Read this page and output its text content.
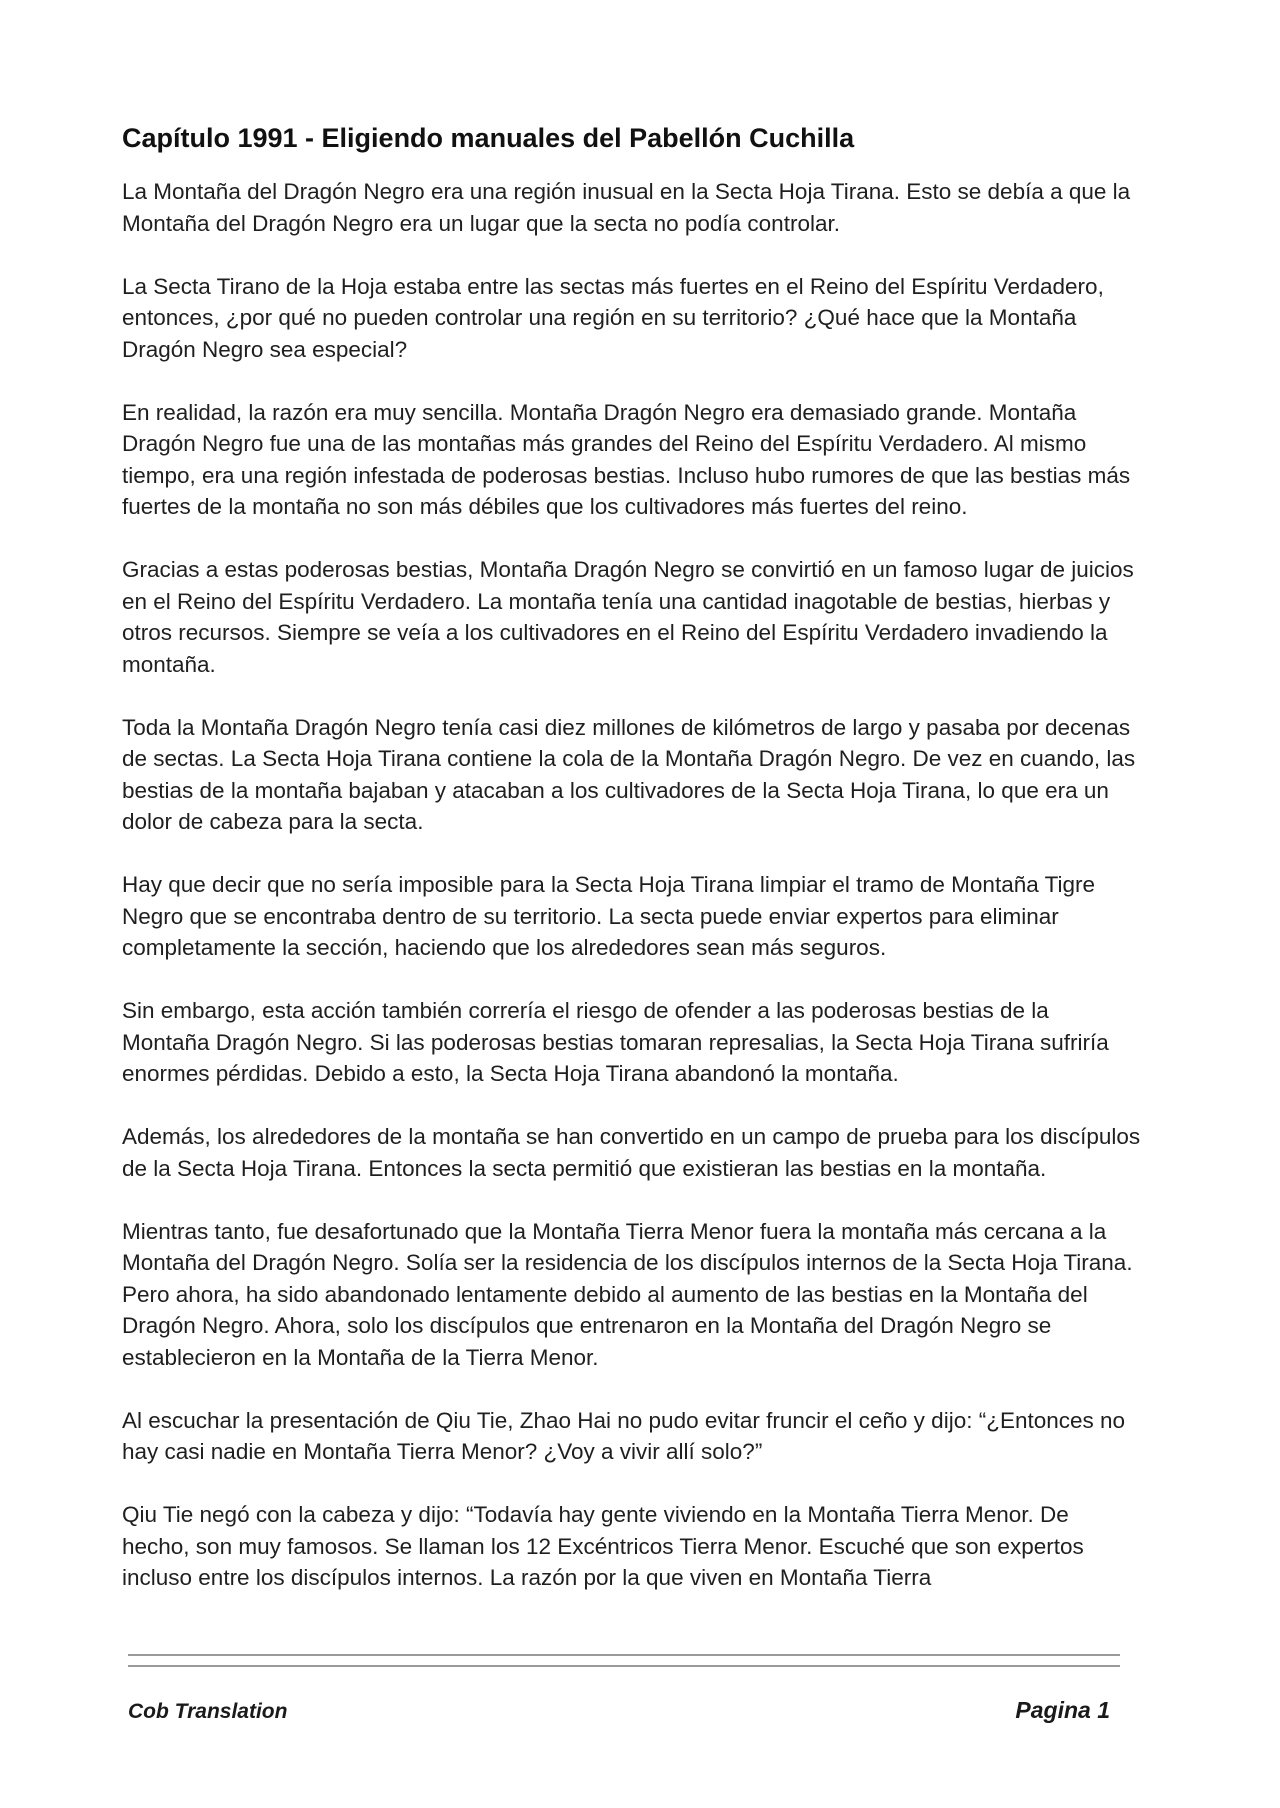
Capítulo 1991 - Eligiendo manuales del Pabellón Cuchilla

La Montaña del Dragón Negro era una región inusual en la Secta Hoja Tirana. Esto se debía a que la Montaña del Dragón Negro era un lugar que la secta no podía controlar.

La Secta Tirano de la Hoja estaba entre las sectas más fuertes en el Reino del Espíritu Verdadero, entonces, ¿por qué no pueden controlar una región en su territorio? ¿Qué hace que la Montaña Dragón Negro sea especial?

En realidad, la razón era muy sencilla. Montaña Dragón Negro era demasiado grande. Montaña Dragón Negro fue una de las montañas más grandes del Reino del Espíritu Verdadero. Al mismo tiempo, era una región infestada de poderosas bestias. Incluso hubo rumores de que las bestias más fuertes de la montaña no son más débiles que los cultivadores más fuertes del reino.

Gracias a estas poderosas bestias, Montaña Dragón Negro se convirtió en un famoso lugar de juicios en el Reino del Espíritu Verdadero. La montaña tenía una cantidad inagotable de bestias, hierbas y otros recursos. Siempre se veía a los cultivadores en el Reino del Espíritu Verdadero invadiendo la montaña.

Toda la Montaña Dragón Negro tenía casi diez millones de kilómetros de largo y pasaba por decenas de sectas. La Secta Hoja Tirana contiene la cola de la Montaña Dragón Negro. De vez en cuando, las bestias de la montaña bajaban y atacaban a los cultivadores de la Secta Hoja Tirana, lo que era un dolor de cabeza para la secta.

Hay que decir que no sería imposible para la Secta Hoja Tirana limpiar el tramo de Montaña Tigre Negro que se encontraba dentro de su territorio. La secta puede enviar expertos para eliminar completamente la sección, haciendo que los alrededores sean más seguros.

Sin embargo, esta acción también correría el riesgo de ofender a las poderosas bestias de la Montaña Dragón Negro. Si las poderosas bestias tomaran represalias, la Secta Hoja Tirana sufriría enormes pérdidas. Debido a esto, la Secta Hoja Tirana abandonó la montaña.

Además, los alrededores de la montaña se han convertido en un campo de prueba para los discípulos de la Secta Hoja Tirana. Entonces la secta permitió que existieran las bestias en la montaña.

Mientras tanto, fue desafortunado que la Montaña Tierra Menor fuera la montaña más cercana a la Montaña del Dragón Negro. Solía ser la residencia de los discípulos internos de la Secta Hoja Tirana. Pero ahora, ha sido abandonado lentamente debido al aumento de las bestias en la Montaña del Dragón Negro. Ahora, solo los discípulos que entrenaron en la Montaña del Dragón Negro se establecieron en la Montaña de la Tierra Menor.

Al escuchar la presentación de Qiu Tie, Zhao Hai no pudo evitar fruncir el ceño y dijo: “¿Entonces no hay casi nadie en Montaña Tierra Menor? ¿Voy a vivir allí solo?”

Qiu Tie negó con la cabeza y dijo: “Todavía hay gente viviendo en la Montaña Tierra Menor. De hecho, son muy famosos. Se llaman los 12 Excéntricos Tierra Menor. Escuché que son expertos incluso entre los discípulos internos. La razón por la que viven en Montaña Tierra

Cob Translation	Pagina 1
